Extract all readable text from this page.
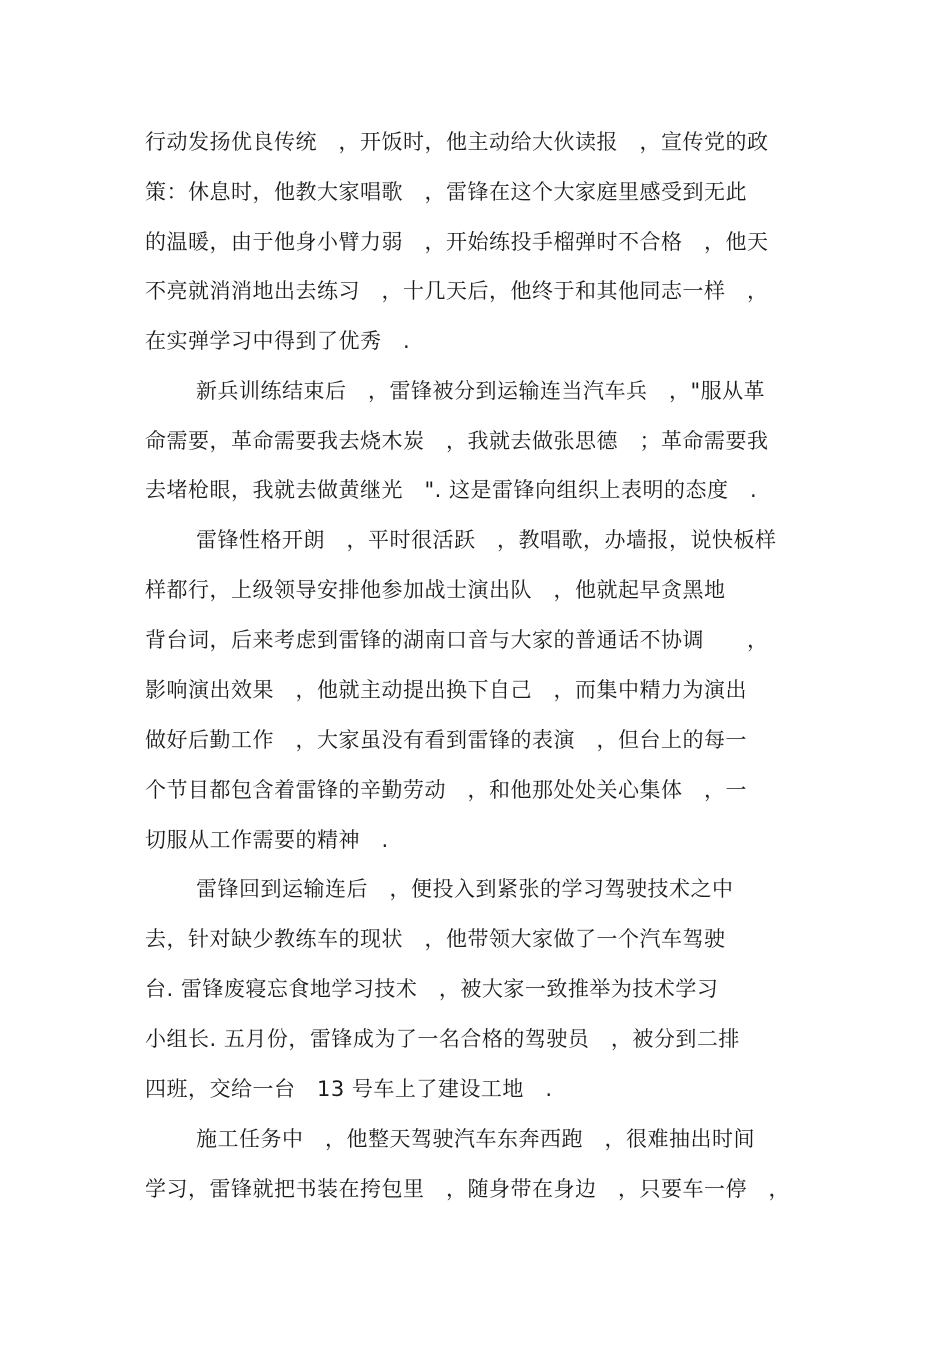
行动发扬优良传统　，开饭时，他主动给大伙读报　，宣传党的政
策：休息时，他教大家唱歌　，雷锋在这个大家庭里感受到无此
的温暖，由于他身小臂力弱　，开始练投手榴弹时不合格　，他天
不亮就消消地出去练习　，十几天后，他终于和其他同志一样　，
在实弹学习中得到了优秀　.
新兵训练结束后　，雷锋被分到运输连当汽车兵　，"服从革
命需要，革命需要我去烧木炭　，我就去做张思德　；革命需要我
去堵枪眼，我就去做黄继光　". 这是雷锋向组织上表明的态度　.
雷锋性格开朗　，平时很活跃　，教唱歌，办墙报，说快板样
样都行，上级领导安排他参加战士演出队　，他就起早贪黑地
背台词，后来考虑到雷锋的湖南口音与大家的普通话不协调　　，
影响演出效果　，他就主动提出换下自己　，而集中精力为演出
做好后勤工作　，大家虽没有看到雷锋的表演　，但台上的每一
个节目都包含着雷锋的辛勤劳动　，和他那处处关心集体　，一
切服从工作需要的精神　.
雷锋回到运输连后　，便投入到紧张的学习驾驶技术之中
去，针对缺少教练车的现状　，他带领大家做了一个汽车驾驶
台. 雷锋废寝忘食地学习技术　，被大家一致推举为技术学习
小组长. 五月份，雷锋成为了一名合格的驾驶员　，被分到二排
四班，交给一台　13 号车上了建设工地　.
施工任务中　，他整天驾驶汽车东奔西跑　，很难抽出时间
学习，雷锋就把书装在挎包里　，随身带在身边　，只要车一停　，
